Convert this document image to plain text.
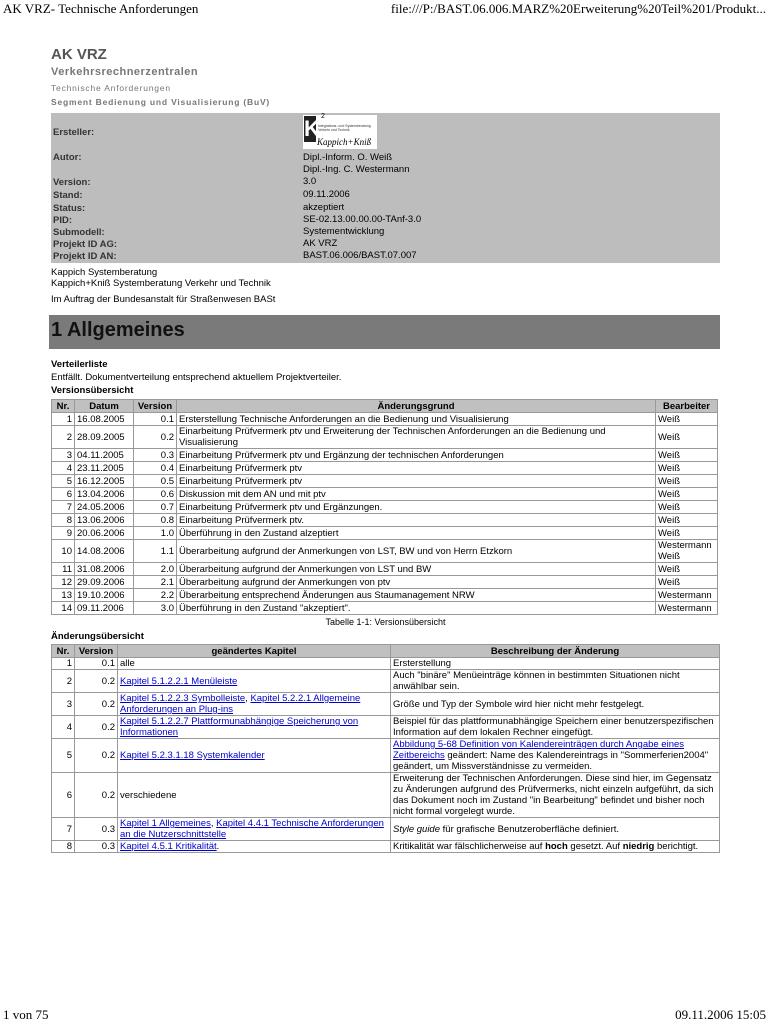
AK VRZ- Technische Anforderungen	file:///P:/BAST.06.006.MARZ%20Erweiterung%20Teil%201/Produkt...
AK VRZ
Verkehrsrechnerzentralen
Technische Anforderungen
Segment Bedienung und Visualisierung (BuV)
Ersteller:	K 2
Integrations- und Systemberatung Verkehr und Technik
Kappich+Kniß
Autor:	Dipl.-Inform. O. Weiß
Dipl.-Ing. C. Westermann
Version:	3.0
Stand:	09.11.2006
Status:	akzeptiert
PID:	SE-02.13.00.00.00-TAnf-3.0
Submodell:	Systementwicklung
Projekt ID AG:	AK VRZ
Projekt ID AN:	BAST.06.006/BAST.07.007
Kappich Systemberatung
Kappich+Kniß Systemberatung Verkehr und Technik
Im Auftrag der Bundesanstalt für Straßenwesen BASt
1 Allgemeines
Verteilerliste
Entfällt. Dokumentverteilung entsprechend aktuellem Projektverteiler.
Versionsübersicht
Nr.	Datum	Version	Änderungsgrund	Bearbeiter
1	16.08.2005	0.1	Ersterstellung Technische Anforderungen an die Bedienung und Visualisierung	Weiß
2	28.09.2005	0.2	Einarbeitung Prüfvermerk ptv und Erweiterung der Technischen Anforderungen an die Bedienung und Visualisierung	Weiß
3	04.11.2005	0.3	Einarbeitung Prüfvermerk ptv und Ergänzung der technischen Anforderungen	Weiß
4	23.11.2005	0.4	Einarbeitung Prüfvermerk ptv	Weiß
5	16.12.2005	0.5	Einarbeitung Prüfvermerk ptv	Weiß
6	13.04.2006	0.6	Diskussion mit dem AN und mit ptv	Weiß
7	24.05.2006	0.7	Einarbeitung Prüfvermerk ptv und Ergänzungen.	Weiß
8	13.06.2006	0.8	Einarbeitung Prüfvermerk ptv.	Weiß
9	20.06.2006	1.0	Überführung in den Zustand alzeptiert	Weiß
10	14.08.2006	1.1	Überarbeitung aufgrund der Anmerkungen von LST, BW und von Herrn Etzkorn	Westermann Weiß
11	31.08.2006	2.0	Überarbeitung aufgrund der Anmerkungen von LST und BW	Weiß
12	29.09.2006	2.1	Überarbeitung aufgrund der Anmerkungen von ptv	Weiß
13	19.10.2006	2.2	Überarbeitung entsprechend Änderungen aus Staumanagement NRW	Westermann
14	09.11.2006	3.0	Überführung in den Zustand "akzeptiert".	Westermann
Tabelle 1-1: Versionsübersicht
Änderungsübersicht
Nr.	Version	geändertes Kapitel	Beschreibung der Änderung
1	0.1	alle	Ersterstellung
2	0.2	Kapitel 5.1.2.2.1 Menüleiste	Auch "binäre" Menüeinträge können in bestimmten Situationen nicht anwählbar sein.
3	0.2	Kapitel 5.1.2.2.3 Symbolleiste, Kapitel 5.2.2.1 Allgemeine Anforderungen an Plug-ins	Größe und Typ der Symbole wird hier nicht mehr festgelegt.
4	0.2	Kapitel 5.1.2.2.7 Plattformunabhängige Speicherung von Informationen	Beispiel für das plattformunabhängige Speichern einer benutzerspezifischen Information auf dem lokalen Rechner eingefügt.
5	0.2	Kapitel 5.2.3.1.18 Systemkalender	Abbildung 5-68 Definition von Kalendereinträgen durch Angabe eines Zeitbereichs geändert: Name des Kalendereintrags in "Sommerferien2004" geändert, um Missverständnisse zu vermeiden.
6	0.2	verschiedene	Erweiterung der Technischen Anforderungen. Diese sind hier, im Gegensatz zu Änderungen aufgrund des Prüfvermerks, nicht einzeln aufgeführt, da sich das Dokument noch im Zustand "in Bearbeitung" befindet und bisher noch nicht formal vorgelegt wurde.
7	0.3	Kapitel 1 Allgemeines, Kapitel 4.4.1 Technische Anforderungen an die Nutzerschnittstelle	Style guide für grafische Benutzeroberfläche definiert.
8	0.3	Kapitel 4.5.1 Kritikalität.	Kritikalität war fälschlicherweise auf hoch gesetzt. Auf niedrig berichtigt.
1 von 75	09.11.2006 15:05
